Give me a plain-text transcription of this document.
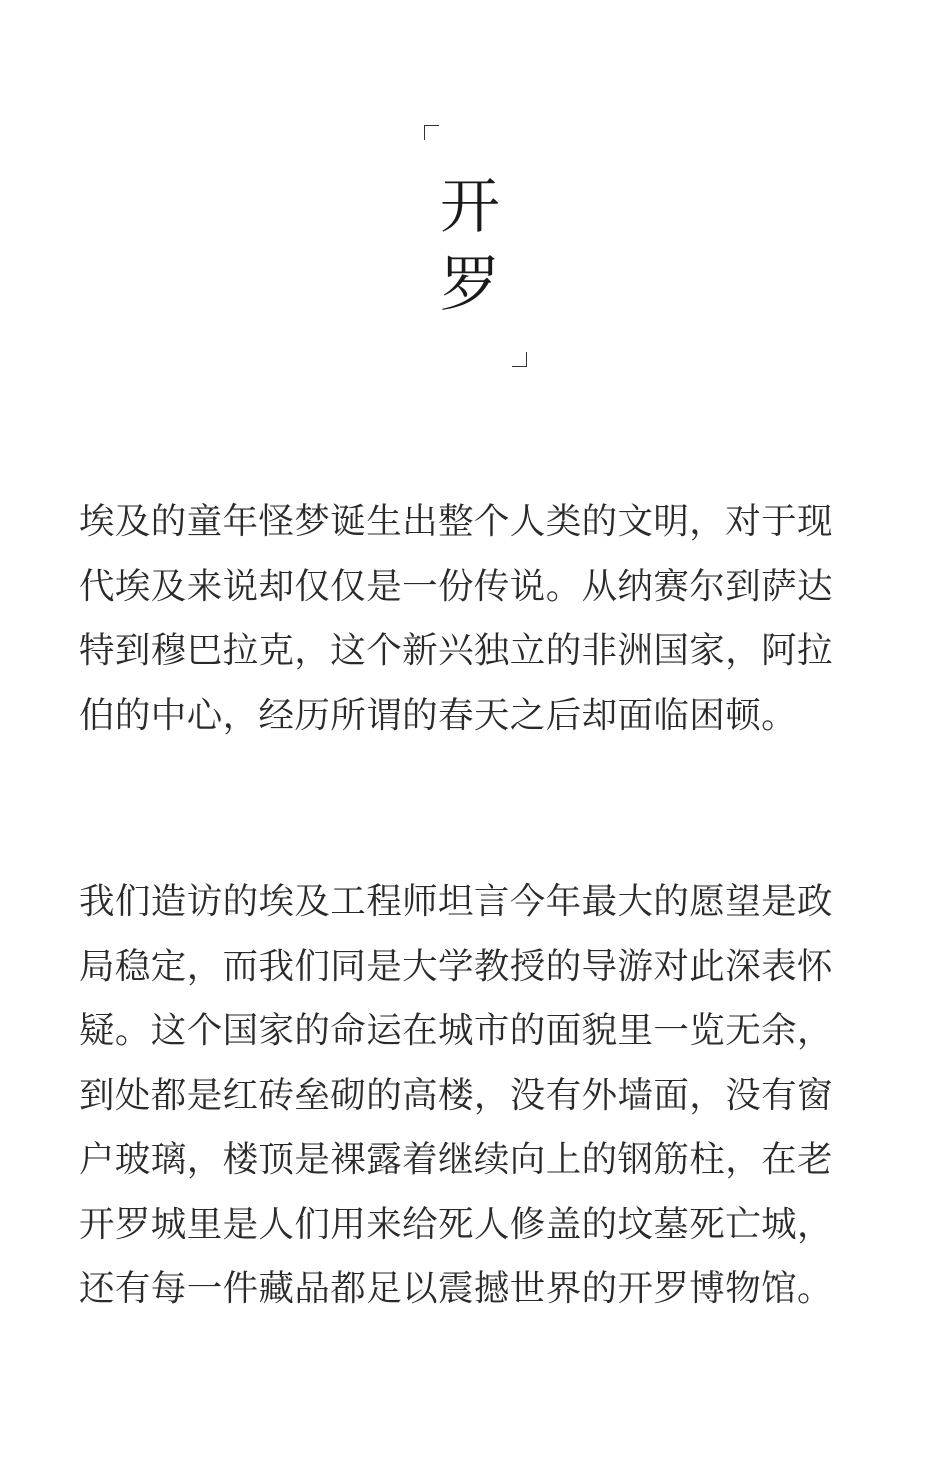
开
罗

埃及的童年怪梦诞生出整个人类的文明，对于现代埃及来说却仅仅是一份传说。从纳赛尔到萨达特到穆巴拉克，这个新兴独立的非洲国家，阿拉伯的中心，经历所谓的春天之后却面临困顿。

我们造访的埃及工程师坦言今年最大的愿望是政局稳定，而我们同是大学教授的导游对此深表怀疑。这个国家的命运在城市的面貌里一览无余，到处都是红砖垒砌的高楼，没有外墙面，没有窗户玻璃，楼顶是裸露着继续向上的钢筋柱，在老开罗城里是人们用来给死人修盖的坟墓死亡城，还有每一件藏品都足以震撼世界的开罗博物馆。
